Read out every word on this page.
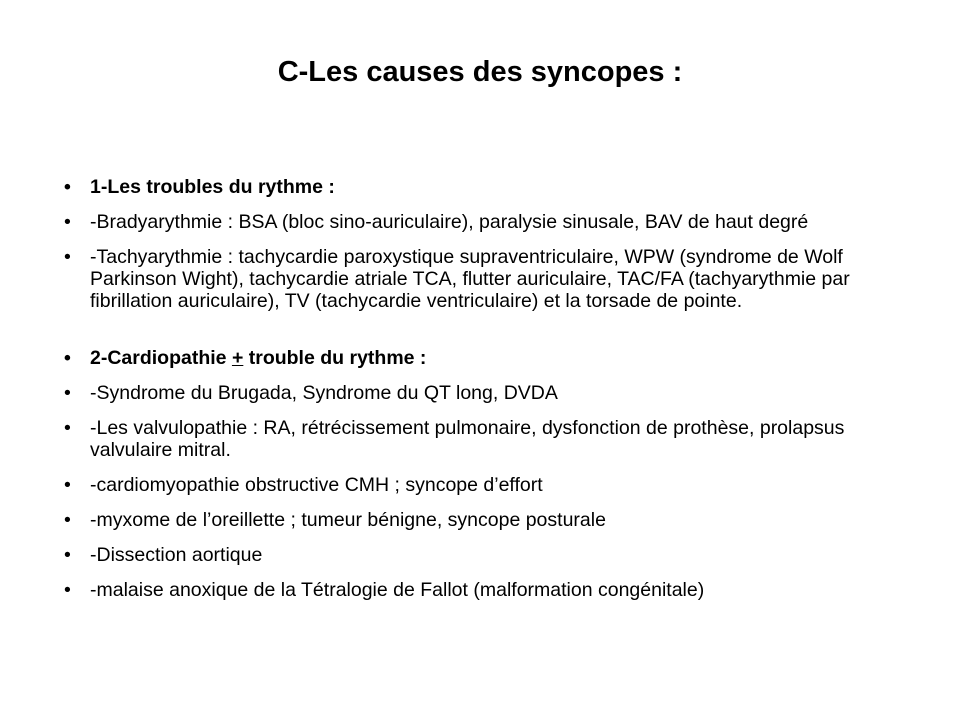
C-Les causes des syncopes :
• 1-Les troubles du rythme :
• -Bradyarythmie : BSA (bloc sino-auriculaire), paralysie sinusale, BAV de haut degré
• -Tachyarythmie : tachycardie paroxystique supraventriculaire, WPW (syndrome de Wolf Parkinson Wight), tachycardie atriale TCA, flutter auriculaire, TAC/FA (tachyarythmie par fibrillation auriculaire), TV (tachycardie ventriculaire) et la torsade de pointe.
• 2-Cardiopathie + trouble du rythme :
• -Syndrome du Brugada, Syndrome du QT long, DVDA
• -Les valvulopathie : RA, rétrécissement pulmonaire, dysfonction de prothèse, prolapsus valvulaire mitral.
• -cardiomyopathie obstructive CMH ; syncope d’effort
• -myxome de l’oreillette ; tumeur bénigne, syncope posturale
• -Dissection aortique
• -malaise anoxique de la Tétralogie de Fallot (malformation congénitale)
